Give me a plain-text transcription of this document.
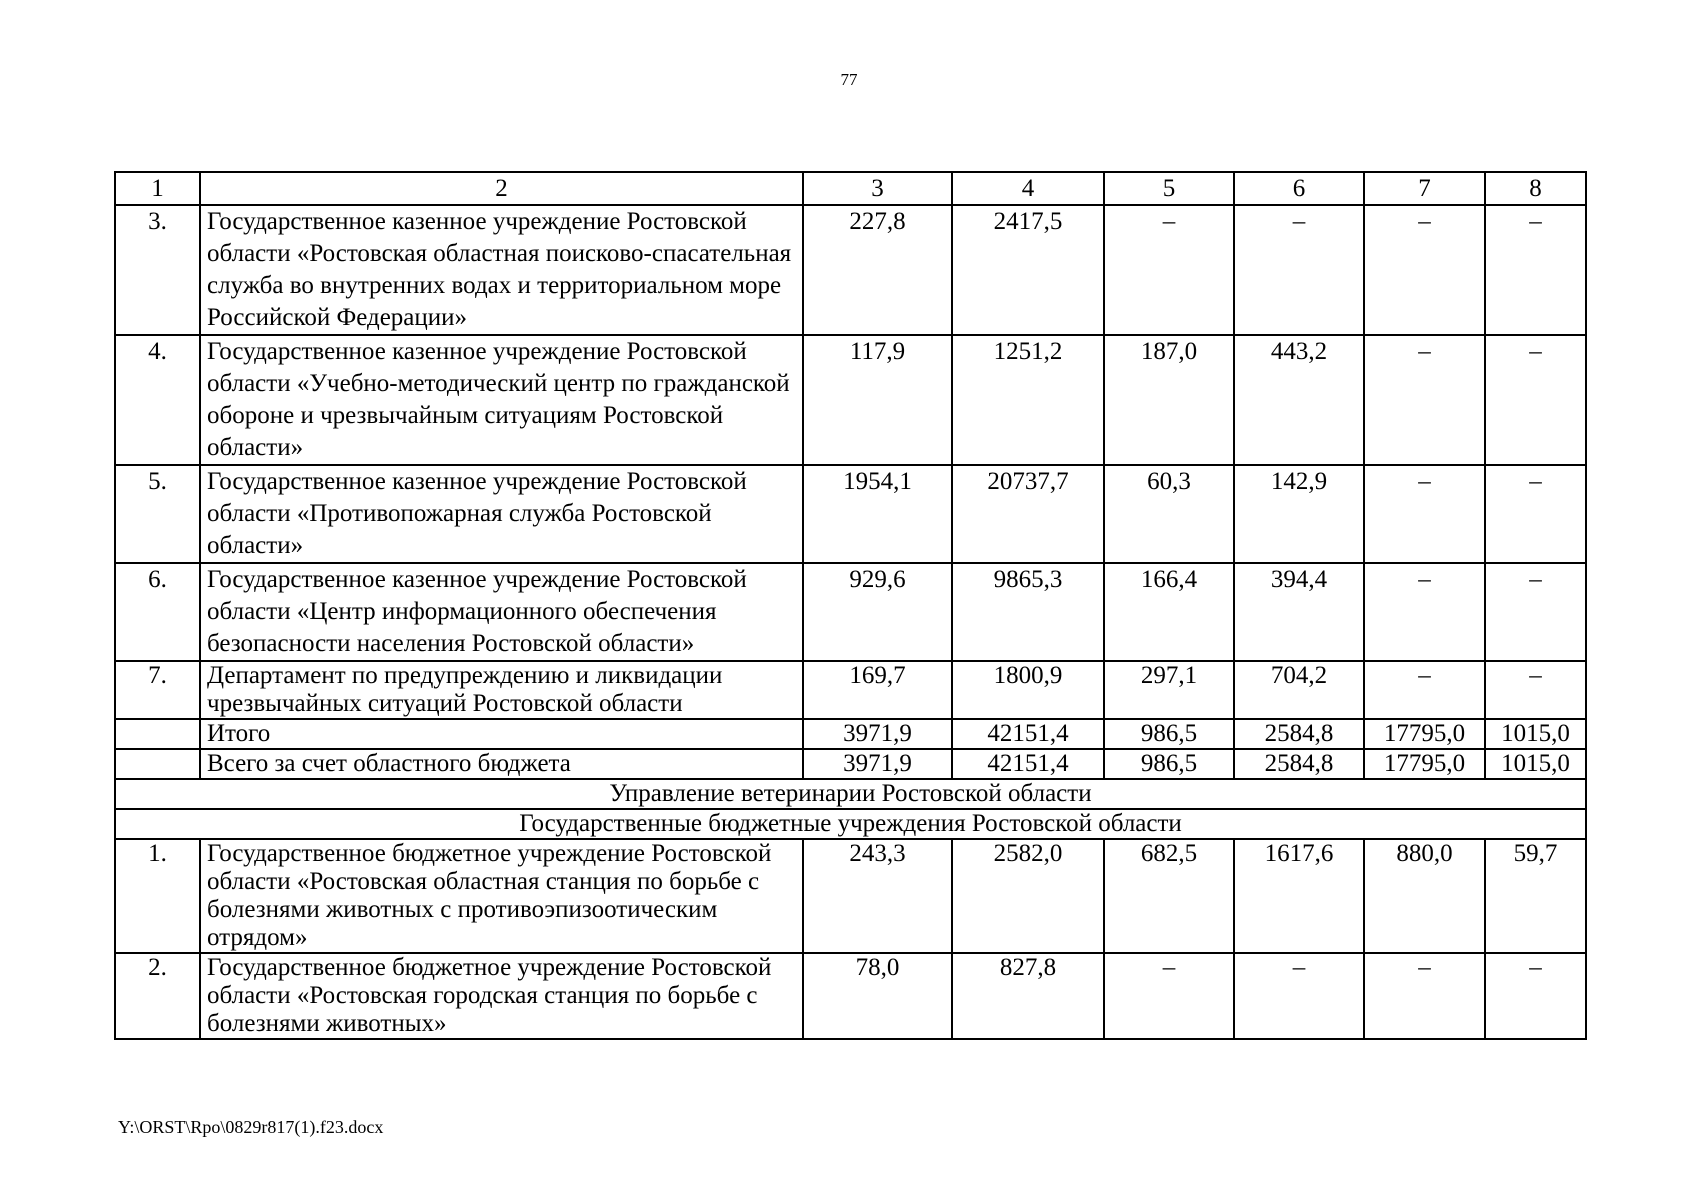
77
1	2	3	4	5	6	7	8
3.	Государственное казенное учреждение Ростовской области «Ростовская областная поисково-спасательная служба во внутренних водах и территориальном море Российской Федерации»	227,8	2417,5	–	–	–	–
4.	Государственное казенное учреждение Ростовской области «Учебно-методический центр по гражданской обороне и чрезвычайным ситуациям Ростовской области»	117,9	1251,2	187,0	443,2	–	–
5.	Государственное казенное учреждение Ростовской области «Противопожарная служба Ростовской области»	1954,1	20737,7	60,3	142,9	–	–
6.	Государственное казенное учреждение Ростовской области «Центр информационного обеспечения безопасности населения Ростовской области»	929,6	9865,3	166,4	394,4	–	–
7.	Департамент по предупреждению и ликвидации чрезвычайных ситуаций Ростовской области	169,7	1800,9	297,1	704,2	–	–
	Итого	3971,9	42151,4	986,5	2584,8	17795,0	1015,0
	Всего за счет областного бюджета	3971,9	42151,4	986,5	2584,8	17795,0	1015,0
Управление ветеринарии Ростовской области							
Государственные бюджетные учреждения Ростовской области							
1.	Государственное бюджетное учреждение Ростовской области «Ростовская областная станция по борьбе с болезнями животных с противоэпизоотическим отрядом»	243,3	2582,0	682,5	1617,6	880,0	59,7
2.	Государственное бюджетное учреждение Ростовской области «Ростовская городская станция по борьбе с болезнями животных»	78,0	827,8	–	–	–	–
Y:\ORST\Rpo\0829r817(1).f23.docx
